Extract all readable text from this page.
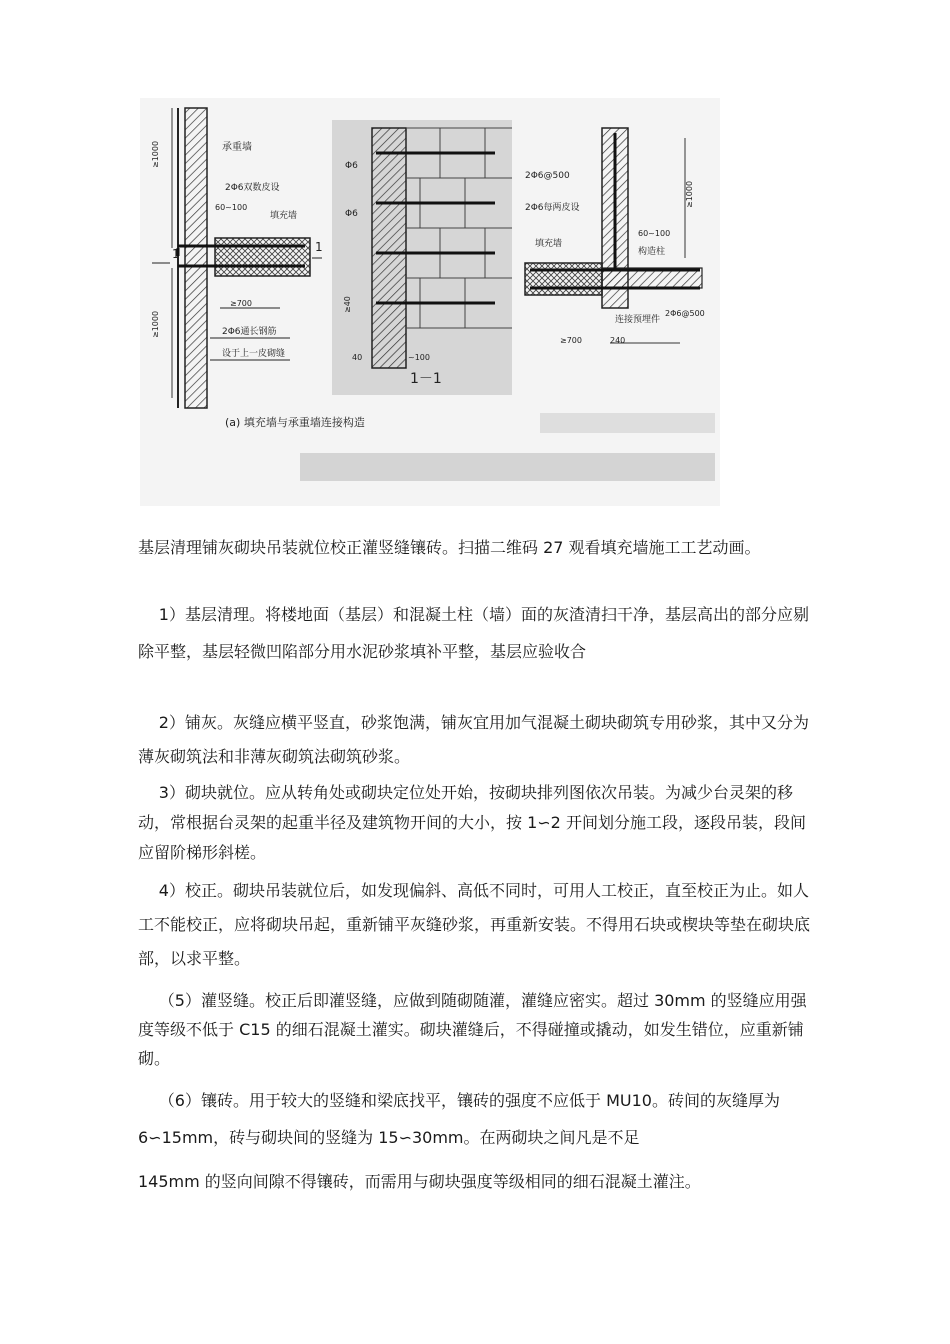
承重墙
2Φ6双数皮设
60~100
填充墙
1	1
≥700
2Φ6通长钢筋
设于上一皮砌缝
≥1000
≥1000
(a) 填充墙与承重墙连接构造
Φ6
Φ6
≥40
40	~100
1－1
2Φ6@500
2Φ6每两皮设
填充墙
60~100
构造柱
连接预埋件
2Φ6@500
≥700	240
≥1000
基层清理铺灰砌块吊装就位校正灌竖缝镶砖。扫描二维码 27 观看填充墙施工工艺动画。
1）基层清理。将楼地面（基层）和混凝土柱（墙）面的灰渣清扫干净，基层高出的部分应剔除平整，基层轻微凹陷部分用水泥砂浆填补平整，基层应验收合
2）铺灰。灰缝应横平竖直，砂浆饱满，铺灰宜用加气混凝土砌块砌筑专用砂浆，其中又分为薄灰砌筑法和非薄灰砌筑法砌筑砂浆。
3）砌块就位。应从转角处或砌块定位处开始，按砌块排列图依次吊装。为减少台灵架的移动，常根据台灵架的起重半径及建筑物开间的大小，按 1∽2 开间划分施工段，逐段吊装，段间应留阶梯形斜槎。
4）校正。砌块吊装就位后，如发现偏斜、高低不同时，可用人工校正，直至校正为止。如人工不能校正，应将砌块吊起，重新铺平灰缝砂浆，再重新安装。不得用石块或楔块等垫在砌块底部，以求平整。
（5）灌竖缝。校正后即灌竖缝，应做到随砌随灌，灌缝应密实。超过 30mm 的竖缝应用强度等级不低于 C15 的细石混凝土灌实。砌块灌缝后，不得碰撞或撬动，如发生错位，应重新铺砌。
（6）镶砖。用于较大的竖缝和梁底找平，镶砖的强度不应低于 MU10。砖间的灰缝厚为 6∽15mm，砖与砌块间的竖缝为 15∽30mm。在两砌块之间凡是不足
145mm 的竖向间隙不得镶砖，而需用与砌块强度等级相同的细石混凝土灌注。
